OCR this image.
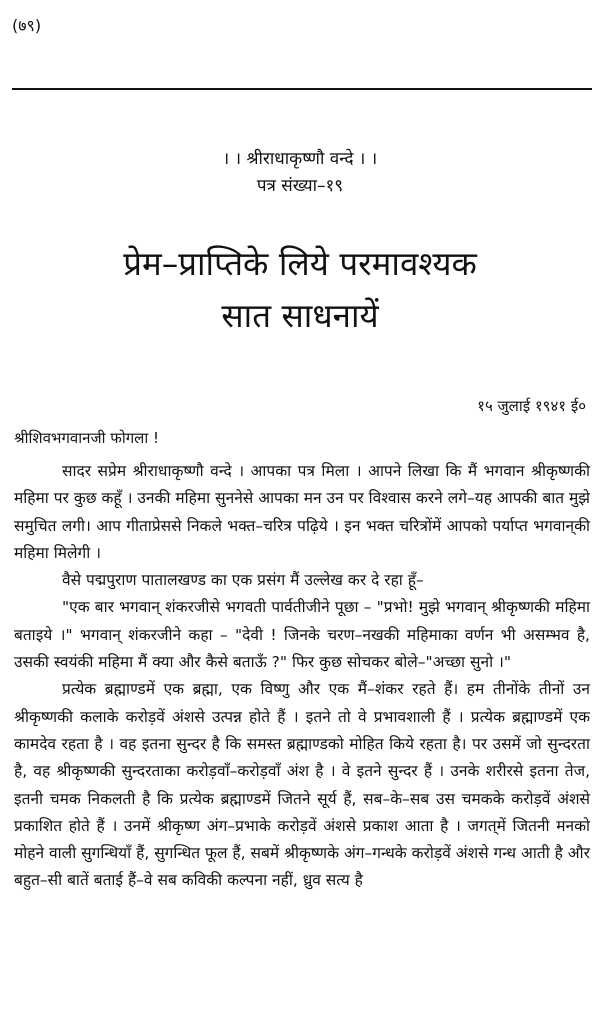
(७९)
। । श्रीराधाकृष्णौ वन्दे । ।
पत्र संख्या–१९
प्रेम–प्राप्तिके लिये परमावश्यक
सात साधनायें
१५ जुलाई १९४१ ई०
श्रीशिवभगवानजी फोगला !

सादर सप्रेम श्रीराधाकृष्णौ वन्दे । आपका पत्र मिला । आपने लिखा कि मैं भगवान श्रीकृष्णकी महिमा पर कुछ कहूँ । उनकी महिमा सुननेसे आपका मन उन पर विश्वास करने लगे–यह आपकी बात मुझे समुचित लगी। आप गीताप्रेससे निकले भक्त–चरित्र पढ़िये । इन भक्त चरित्रोंमें आपको पर्याप्त भगवान्‌की महिमा मिलेगी ।

वैसे पद्मपुराण पातालखण्ड का एक प्रसंग मैं उल्लेख कर दे रहा हूँ–

"एक बार भगवान् शंकरजीसे भगवती पार्वतीजीने पूछा – "प्रभो! मुझे भगवान् श्रीकृष्णकी महिमा बताइये ।" भगवान् शंकरजीने कहा – "देवी ! जिनके चरण–नखकी महिमाका वर्णन भी असम्भव है, उसकी स्वयंकी महिमा मैं क्या और कैसे बताऊँ ?" फिर कुछ सोचकर बोले–"अच्छा सुनो ।"

प्रत्येक ब्रह्माण्डमें एक ब्रह्मा, एक विष्णु और एक मैं–शंकर रहते हैं। हम तीनोंके तीनों उन श्रीकृष्णकी कलाके करोड़वें अंशसे उत्पन्न होते हैं । इतने तो वे प्रभावशाली हैं । प्रत्येक ब्रह्माण्डमें एक कामदेव रहता है । वह इतना सुन्दर है कि समस्त ब्रह्माण्डको मोहित किये रहता है। पर उसमें जो सुन्दरता है, वह श्रीकृष्णकी सुन्दरताका करोड़वाँ–करोड़वाँ अंश है । वे इतने सुन्दर हैं । उनके शरीरसे इतना तेज, इतनी चमक निकलती है कि प्रत्येक ब्रह्माण्डमें जितने सूर्य हैं, सब–के–सब उस चमकके करोड़वें अंशसे प्रकाशित होते हैं । उनमें श्रीकृष्ण अंग–प्रभाके करोड़वें अंशसे प्रकाश आता है । जगत्‌में जितनी मनको मोहने वाली सुगन्धियाँ हैं, सुगन्धित फूल हैं, सबमें श्रीकृष्णके अंग–गन्धके करोड़वें अंशसे गन्ध आती है और बहुत–सी बातें बताई हैं–वे सब कविकी कल्पना नहीं, ध्रुव सत्य है
